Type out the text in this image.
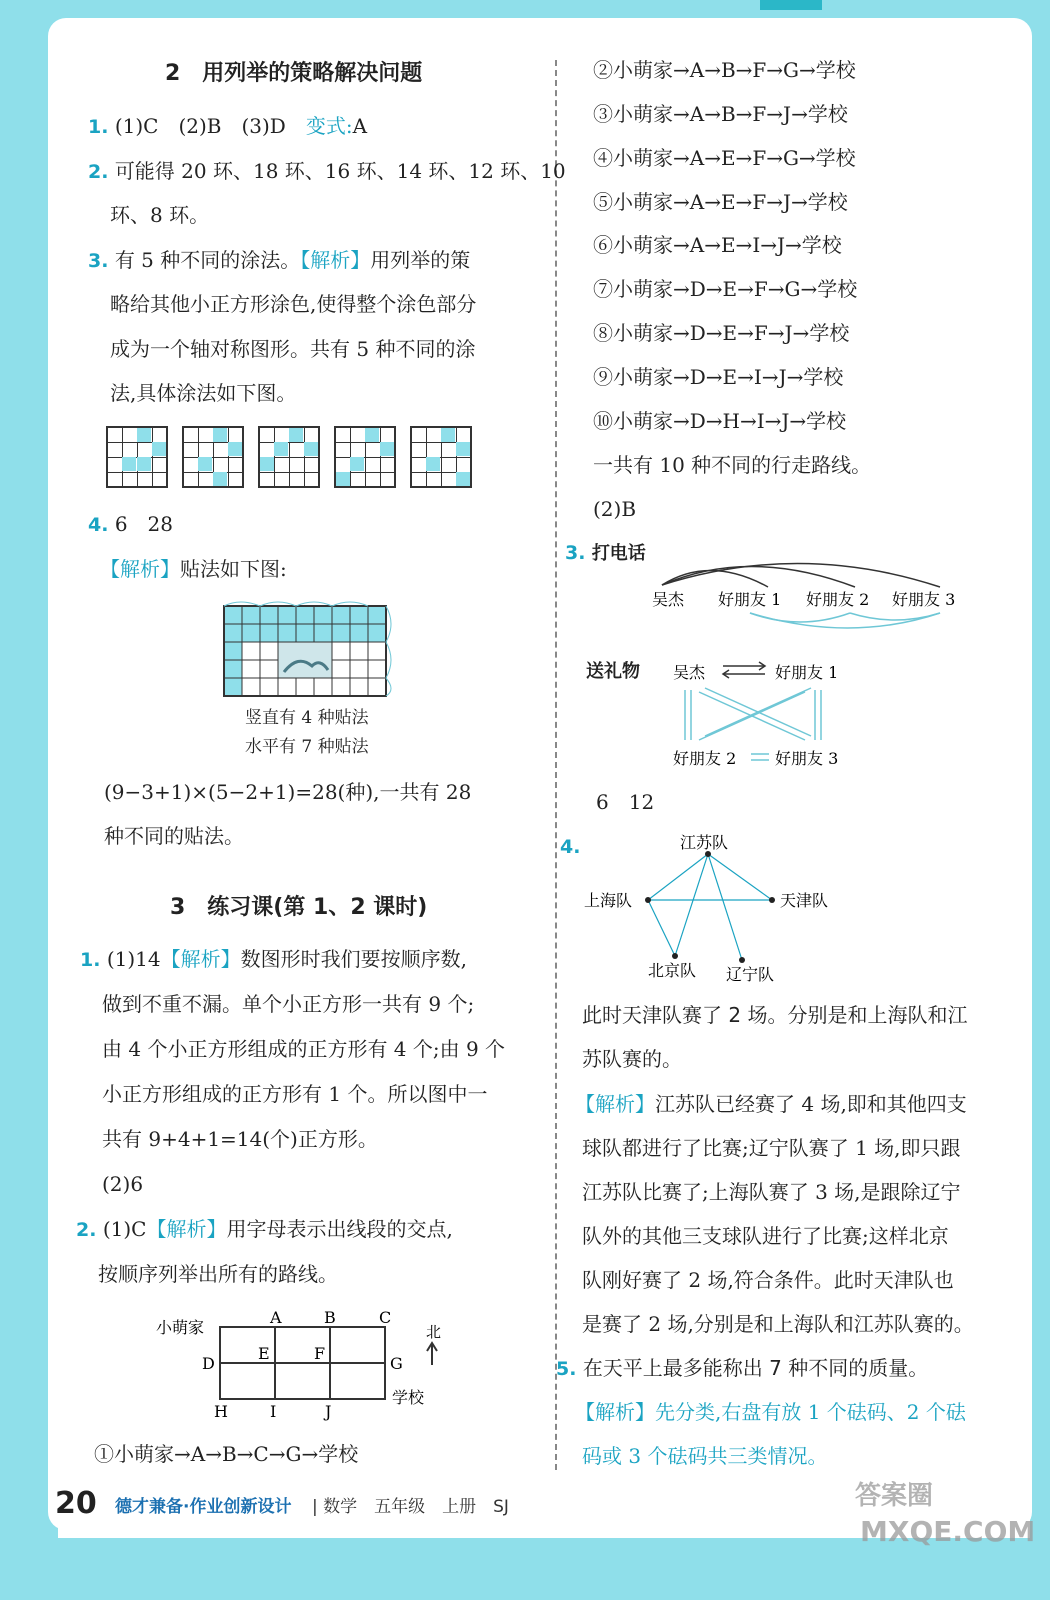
2　用列举的策略解决问题
1. (1)C　(2)B　(3)D　变式:A
2. 可能得 20 环、18 环、16 环、14 环、12 环、10
环、8 环。
3. 有 5 种不同的涂法。【解析】用列举的策
略给其他小正方形涂色,使得整个涂色部分
成为一个轴对称图形。共有 5 种不同的涂
法,具体涂法如下图。
4. 6　28
【解析】贴法如下图:
竖直有 4 种贴法
水平有 7 种贴法
(9−3+1)×(5−2+1)=28(种),一共有 28
种不同的贴法。
3　练习课(第 1、2 课时)
1. (1)14【解析】数图形时我们要按顺序数,
做到不重不漏。单个小正方形一共有 9 个;
由 4 个小正方形组成的正方形有 4 个;由 9 个
小正方形组成的正方形有 1 个。所以图中一
共有 9+4+1=14(个)正方形。
(2)6
2. (1)C【解析】用字母表示出线段的交点,
按顺序列举出所有的路线。
小萌家
A	B	C
D
E	F
G
H	I	J
学校
北
①小萌家→A→B→C→G→学校
②小萌家→A→B→F→G→学校
③小萌家→A→B→F→J→学校
④小萌家→A→E→F→G→学校
⑤小萌家→A→E→F→J→学校
⑥小萌家→A→E→I→J→学校
⑦小萌家→D→E→F→G→学校
⑧小萌家→D→E→F→J→学校
⑨小萌家→D→E→I→J→学校
⑩小萌家→D→H→I→J→学校
一共有 10 种不同的行走路线。
(2)B
3. 打电话
吴杰 好朋友 1 好朋友 2 好朋友 3
送礼物 吴杰	好朋友 1
好朋友 2 好朋友 3
6　12
4.	江苏队
上海队	天津队
北京队 辽宁队
此时天津队赛了 2 场。分别是和上海队和江
苏队赛的。
【解析】江苏队已经赛了 4 场,即和其他四支
球队都进行了比赛;辽宁队赛了 1 场,即只跟
江苏队比赛了;上海队赛了 3 场,是跟除辽宁
队外的其他三支球队进行了比赛;这样北京
队刚好赛了 2 场,符合条件。此时天津队也
是赛了 2 场,分别是和上海队和江苏队赛的。
5. 在天平上最多能称出 7 种不同的质量。
【解析】先分类,右盘有放 1 个砝码、2 个砝
码或 3 个砝码共三类情况。
20 德才兼备·作业创新设计 | 数学　五年级　上册　SJ	答案圈
MXQE.COM
